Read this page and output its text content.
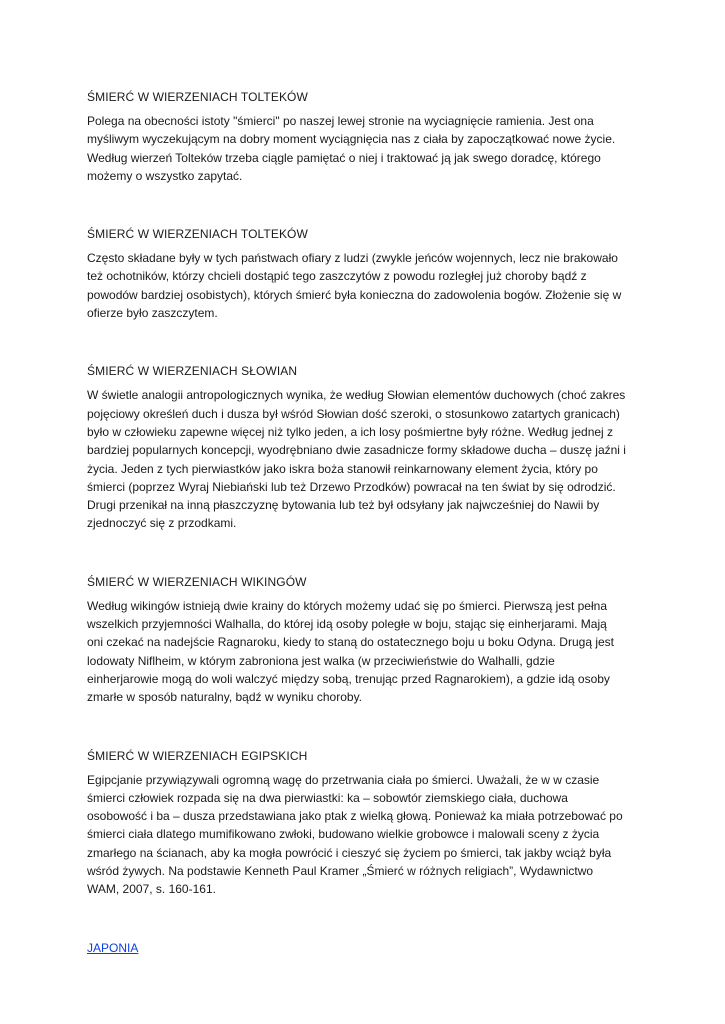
ŚMIERĆ W WIERZENIACH TOLTEKÓW

Polega na obecności istoty "śmierci" po naszej lewej stronie na wyciagnięcie ramienia. Jest ona
myśliwym wyczekującym na dobry moment wyciągnięcia nas z ciała by zapoczątkować nowe życie.
Według wierzeń Tolteków trzeba ciągle pamiętać o niej i traktować ją jak swego doradcę, którego
możemy o wszystko zapytać.

ŚMIERĆ W WIERZENIACH TOLTEKÓW

Często składane były w tych państwach ofiary z ludzi (zwykle jeńców wojennych, lecz nie brakowało
też ochotników, którzy chcieli dostąpić tego zaszczytów z powodu rozległej już choroby bądź z
powodów bardziej osobistych), których śmierć była konieczna do zadowolenia bogów. Złożenie się w
ofierze było zaszczytem.

ŚMIERĆ W WIERZENIACH SŁOWIAN

W świetle analogii antropologicznych wynika, że według Słowian elementów duchowych (choć zakres
pojęciowy określeń duch i dusza był wśród Słowian dość szeroki, o stosunkowo zatartych granicach)
było w człowieku zapewne więcej niż tylko jeden, a ich losy pośmiertne były różne. Według jednej z
bardziej popularnych koncepcji, wyodrębniano dwie zasadnicze formy składowe ducha – duszę jaźni i
życia. Jeden z tych pierwiastków jako iskra boża stanowił reinkarnowany element życia, który po
śmierci (poprzez Wyraj Niebiański lub też Drzewo Przodków) powracał na ten świat by się odrodzić.
Drugi przenikał na inną płaszczyznę bytowania lub też był odsyłany jak najwcześniej do Nawii by
zjednoczyć się z przodkami.

ŚMIERĆ W WIERZENIACH WIKINGÓW

Według wikingów istnieją dwie krainy do których możemy udać się po śmierci. Pierwszą jest pełna
wszelkich przyjemności Walhalla, do której idą osoby poległe w boju, stając się einherjarami. Mają
oni czekać na nadejście Ragnaroku, kiedy to staną do ostatecznego boju u boku Odyna. Drugą jest
lodowaty Niflheim, w którym zabroniona jest walka (w przeciwieństwie do Walhalli, gdzie
einherjarowie mogą do woli walczyć między sobą, trenując przed Ragnarokiem), a gdzie idą osoby
zmarłe w sposób naturalny, bądź w wyniku choroby.

ŚMIERĆ W WIERZENIACH EGIPSKICH

Egipcjanie przywiązywali ogromną wagę do przetrwania ciała po śmierci. Uważali, że w w czasie
śmierci człowiek rozpada się na dwa pierwiastki: ka – sobowtór ziemskiego ciała, duchowa
osobowość i ba – dusza przedstawiana jako ptak z wielką głową. Ponieważ ka miała potrzebować po
śmierci ciała dlatego mumifikowano zwłoki, budowano wielkie grobowce i malowali sceny z życia
zmarłego na ścianach, aby ka mogła powrócić i cieszyć się życiem po śmierci, tak jakby wciąż była
wśród żywych. Na podstawie Kenneth Paul Kramer „Śmierć w różnych religiach”, Wydawnictwo
WAM, 2007, s. 160-161.
JAPONIA
